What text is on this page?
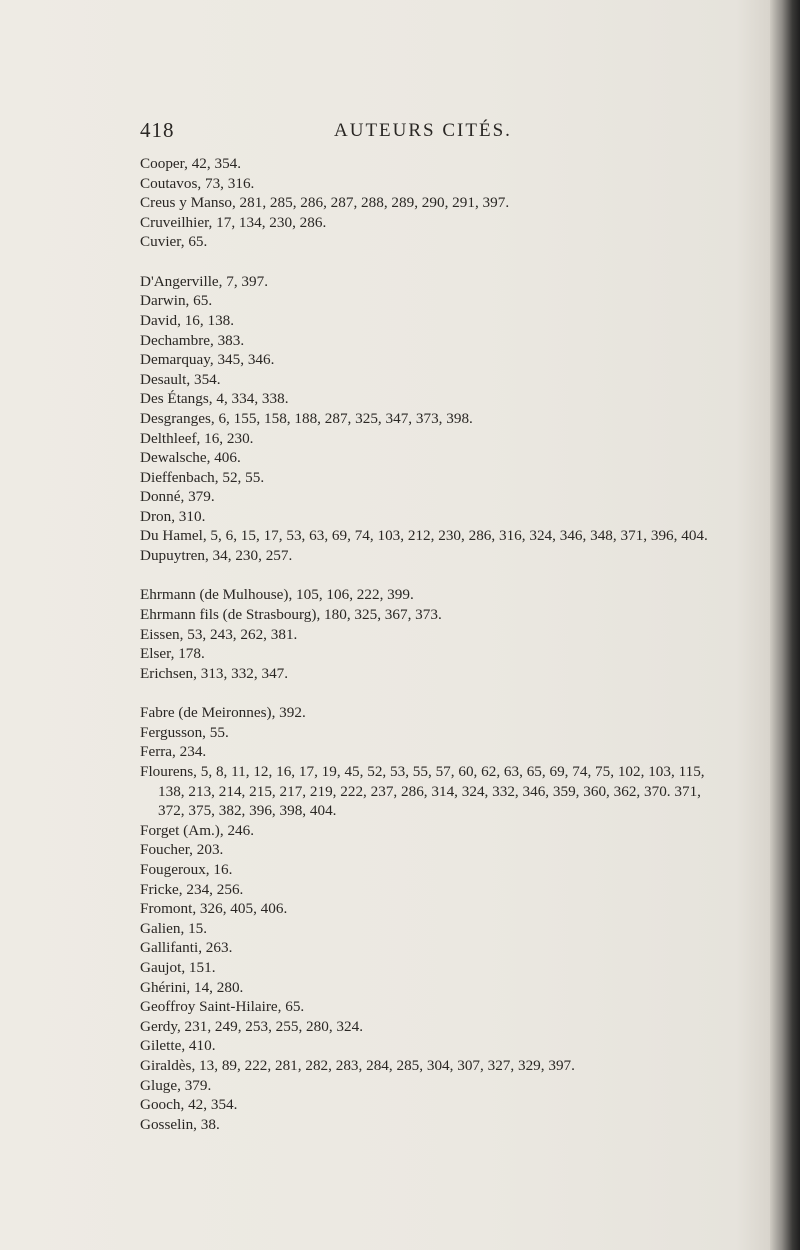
418	AUTEURS CITÉS.
Cooper, 42, 354.
Coutavos, 73, 316.
Creus y Manso, 281, 285, 286, 287, 288, 289, 290, 291, 397.
Cruveilhier, 17, 134, 230, 286.
Cuvier, 65.
D'Angerville, 7, 397.
Darwin, 65.
David, 16, 138.
Dechambre, 383.
Demarquay, 345, 346.
Desault, 354.
Des Étangs, 4, 334, 338.
Desgranges, 6, 155, 158, 188, 287, 325, 347, 373, 398.
Delthleef, 16, 230.
Dewalsche, 406.
Dieffenbach, 52, 55.
Donné, 379.
Dron, 310.
Du Hamel, 5, 6, 15, 17, 53, 63, 69, 74, 103, 212, 230, 286, 316, 324, 346, 348, 371, 396, 404.
Dupuytren, 34, 230, 257.
Ehrmann (de Mulhouse), 105, 106, 222, 399.
Ehrmann fils (de Strasbourg), 180, 325, 367, 373.
Eissen, 53, 243, 262, 381.
Elser, 178.
Erichsen, 313, 332, 347.
Fabre (de Meironnes), 392.
Fergusson, 55.
Ferra, 234.
Flourens, 5, 8, 11, 12, 16, 17, 19, 45, 52, 53, 55, 57, 60, 62, 63, 65, 69, 74, 75, 102, 103, 115, 138, 213, 214, 215, 217, 219, 222, 237, 286, 314, 324, 332, 346, 359, 360, 362, 370. 371, 372, 375, 382, 396, 398, 404.
Forget (Am.), 246.
Foucher, 203.
Fougeroux, 16.
Fricke, 234, 256.
Fromont, 326, 405, 406.
Galien, 15.
Gallifanti, 263.
Gaujot, 151.
Ghérini, 14, 280.
Geoffroy Saint-Hilaire, 65.
Gerdy, 231, 249, 253, 255, 280, 324.
Gilette, 410.
Giraldès, 13, 89, 222, 281, 282, 283, 284, 285, 304, 307, 327, 329, 397.
Gluge, 379.
Gooch, 42, 354.
Gosselin, 38.
